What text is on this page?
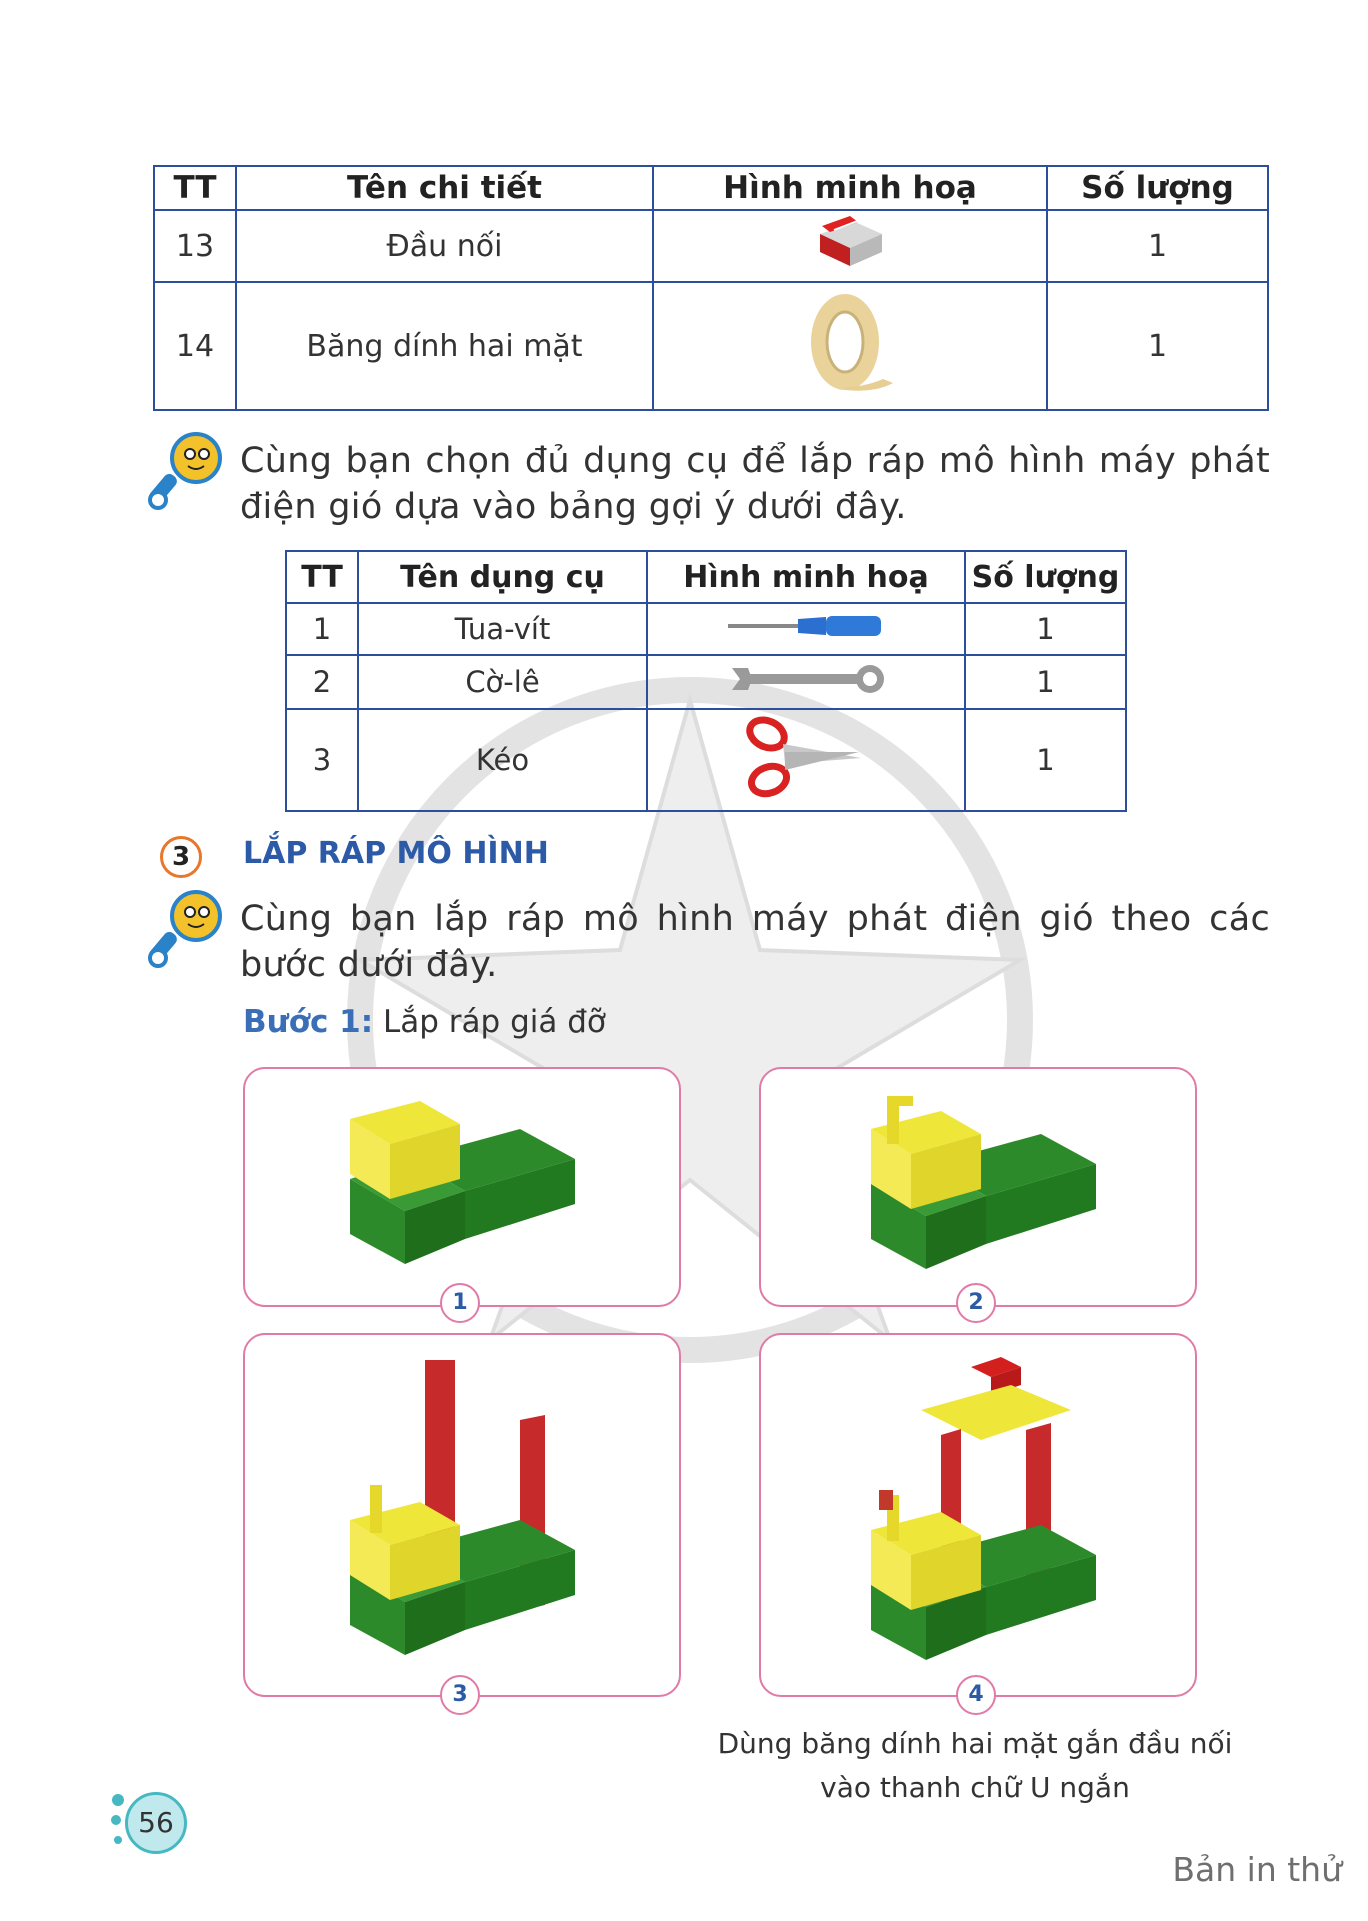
TT	Tên chi tiết	Hình minh hoạ	Số lượng
13	Đầu nối		1
14	Băng dính hai mặt		1
Cùng bạn chọn đủ dụng cụ để lắp ráp mô hình máy phát điện gió dựa vào bảng gợi ý dưới đây.
TT	Tên dụng cụ	Hình minh hoạ	Số lượng
1	Tua-vít		1
2	Cờ-lê		1
3	Kéo		1
3	LẮP RÁP MÔ HÌNH
Cùng bạn lắp ráp mô hình máy phát điện gió theo các bước dưới đây.
Bước 1: Lắp ráp giá đỡ
1	2
3	4
Dùng băng dính hai mặt gắn đầu nối
vào thanh chữ U ngắn
56
Bản in thử
